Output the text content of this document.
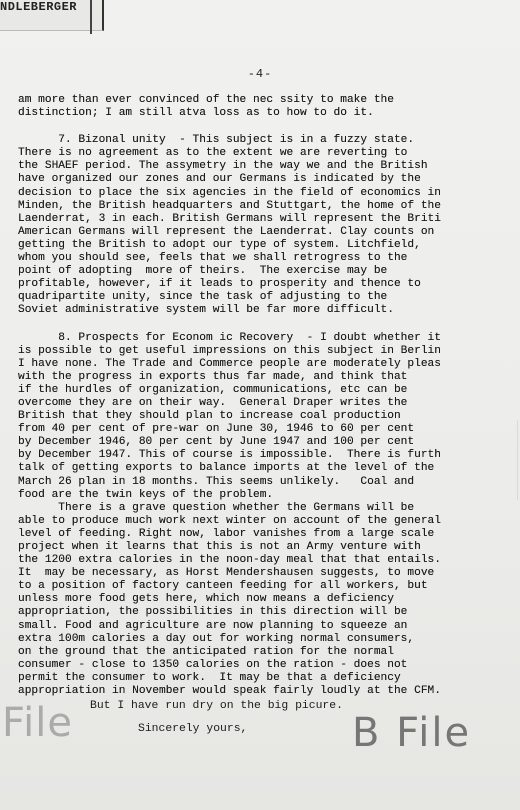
NDLEBERGER
-4-
am more than ever convinced of the nec ssity to make the
distinction; I am still atva loss as to how to do it.
7. Bizonal unity  - This subject is in a fuzzy state.
There is no agreement as to the extent we are reverting to
the SHAEF period. The assymetry in the way we and the British
have organized our zones and our Germans is indicated by the
decision to place the six agencies in the field of economics in
Minden, the British headquarters and Stuttgart, the home of the
Laenderrat, 3 in each. British Germans will represent the Briti
American Germans will represent the Laenderrat. Clay counts on
getting the British to adopt our type of system. Litchfield,
whom you should see, feels that we shall retrogress to the
point of adopting  more of theirs.  The exercise may be
profitable, however, if it leads to prosperity and thence to
quadripartite unity, since the task of adjusting to the
Soviet administrative system will be far more difficult.
8. Prospects for Econom ic Recovery  - I doubt whether it
is possible to get useful impressions on this subject in Berlin
I have none. The Trade and Commerce people are moderately pleas
with the progress in exports thus far made, and think that
if the hurdles of organization, communications, etc can be
overcome they are on their way.  General Draper writes the
British that they should plan to increase coal production
from 40 per cent of pre-war on June 30, 1946 to 60 per cent
by December 1946, 80 per cent by June 1947 and 100 per cent
by December 1947. This of course is impossible.  There is furth
talk of getting exports to balance imports at the level of the
March 26 plan in 18 months. This seems unlikely.   Coal and
food are the twin keys of the problem.
There is a grave question whether the Germans will be
able to produce much work next winter on account of the general
level of feeding. Right now, labor vanishes from a large scale
project when it learns that this is not an Army venture with
the 1200 extra calories in the noon-day meal that that entails.
It  may be necessary, as Horst Mendershausen suggests, to move
to a position of factory canteen feeding for all workers, but
unless more food gets here, which now means a deficiency
appropriation, the possibilities in this direction will be
small. Food and agriculture are now planning to squeeze an
extra 100m calories a day out for working normal consumers,
on the ground that the anticipated ration for the normal
consumer - close to 1350 calories on the ration - does not
permit the consumer to work.  It may be that a deficiency
appropriation in November would speak fairly loudly at the CFM.
But I have run dry on the big picure.
Sincerely yours,
File	B File
